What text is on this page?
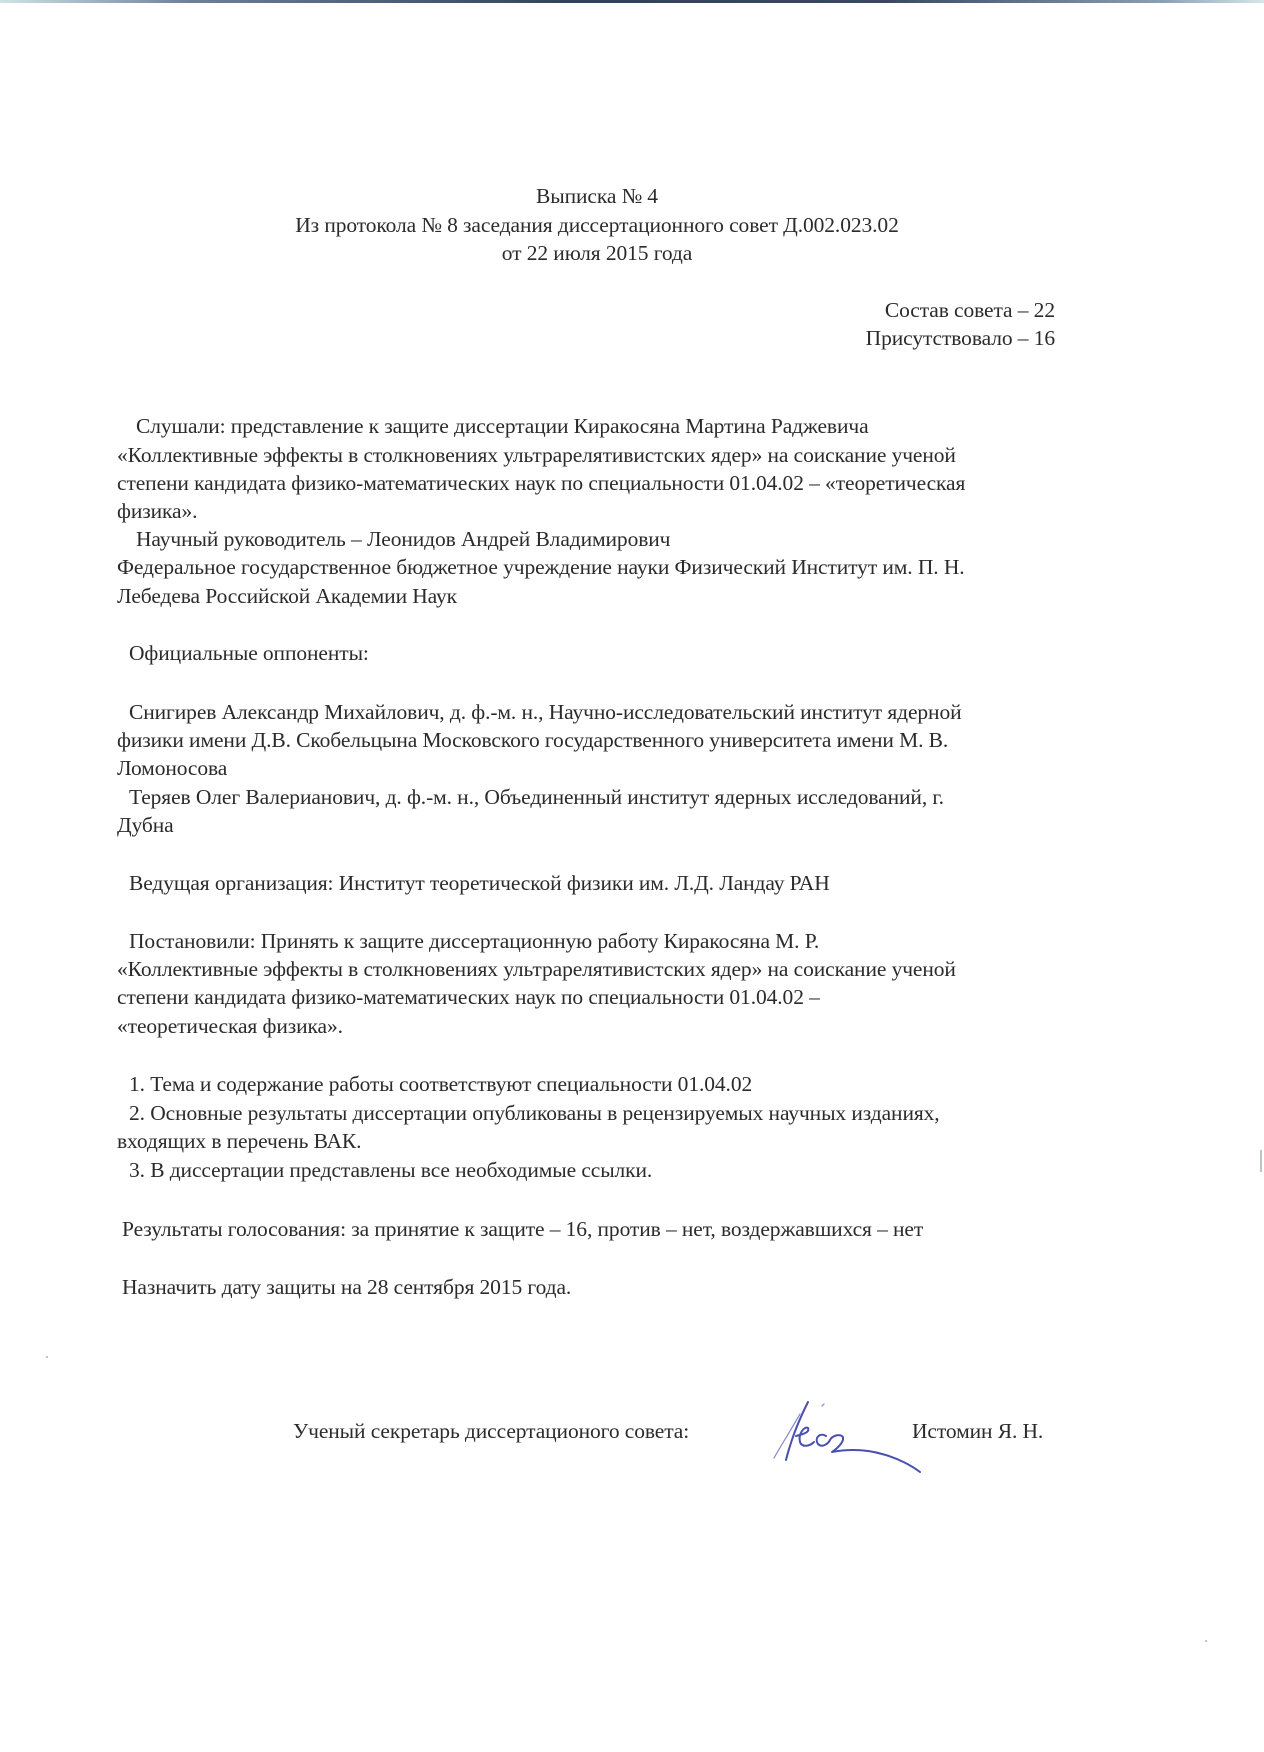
Выписка № 4
Из протокола № 8 заседания диссертационного совет Д.002.023.02
от 22 июля 2015 года
Состав совета – 22
Присутствовало – 16
Слушали: представление к защите диссертации Киракосяна Мартина Раджевича
«Коллективные эффекты в столкновениях ультрарелятивистских ядер» на соискание ученой
степени кандидата физико-математических наук по специальности 01.04.02 – «теоретическая
физика».
Научный руководитель – Леонидов Андрей Владимирович
Федеральное государственное бюджетное учреждение науки Физический Институт им. П. Н.
Лебедева Российской Академии Наук
Официальные оппоненты:
Снигирев Александр Михайлович, д. ф.-м. н., Научно-исследовательский институт ядерной
физики имени Д.В. Скобельцына Московского государственного университета имени М. В.
Ломоносова
Теряев Олег Валерианович, д. ф.-м. н., Объединенный институт ядерных исследований, г.
Дубна
Ведущая организация: Институт теоретической физики им. Л.Д. Ландау РАН
Постановили: Принять к защите диссертационную работу Киракосяна М. Р.
«Коллективные эффекты в столкновениях ультрарелятивистских ядер» на соискание ученой
степени кандидата физико-математических наук по специальности 01.04.02 –
«теоретическая физика».
1. Тема и содержание работы соответствуют специальности 01.04.02
2. Основные результаты диссертации опубликованы в рецензируемых научных изданиях,
входящих в перечень ВАК.
3. В диссертации представлены все необходимые ссылки.
Результаты голосования: за принятие к защите – 16, против – нет, воздержавшихся – нет
Назначить дату защиты на 28 сентября 2015 года.
Ученый секретарь диссертационого совета:	Истомин Я. Н.
